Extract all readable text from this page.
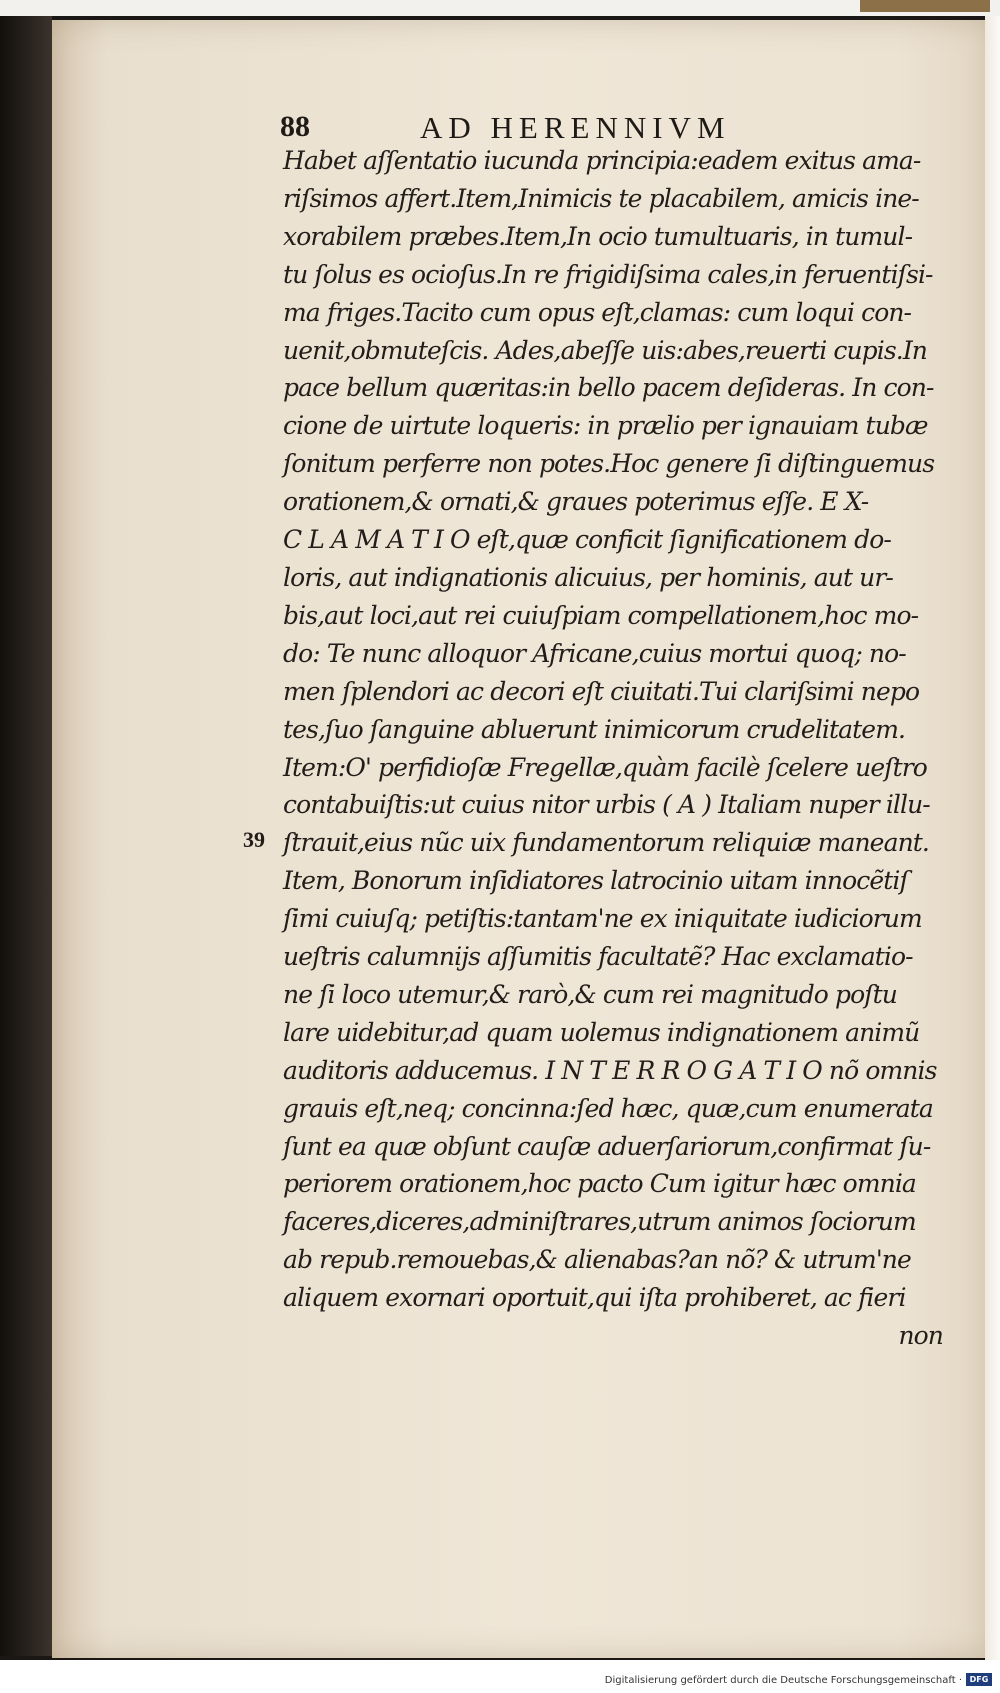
88	AD HERENNIVM
39
Habet aſſentatio iucunda principia:eadem exitus ama-
riſsimos affert.Item,Inimicis te placabilem, amicis ine-
xorabilem præbes.Item,In ocio tumultuaris, in tumul-
tu ſolus es ocioſus.In re frigidiſsima cales,in feruentiſsi-
ma friges.Tacito cum opus eſt,clamas: cum loqui con-
uenit,obmuteſcis. Ades,abeſſe uis:abes,reuerti cupis.In
pace bellum quæritas:in bello pacem deſideras. In con-
cione de uirtute loqueris: in prælio per ignauiam tubæ
ſonitum perferre non potes.Hoc genere ſi diſtinguemus
orationem,& ornati,& graues poterimus eſſe. E X-
C L A M A T I O eſt,quæ conficit ſignificationem do-
loris, aut indignationis alicuius, per hominis, aut ur-
bis,aut loci,aut rei cuiuſpiam compellationem,hoc mo-
do: Te nunc alloquor Africane,cuius mortui quoq; no-
men ſplendori ac decori eſt ciuitati.Tui clariſsimi nepo
tes,ſuo ſanguine abluerunt inimicorum crudelitatem.
Item:O' perfidioſæ Fregellæ,quàm facilè ſcelere ueſtro
contabuiſtis:ut cuius nitor urbis ( A ) Italiam nuper illu-
ſtrauit,eius nũc uix fundamentorum reliquiæ maneant.
Item, Bonorum inſidiatores latrocinio uitam innocẽtiſ
ſimi cuiuſq; petiſtis:tantam'ne ex iniquitate iudiciorum
ueſtris calumnijs aſſumitis facultatẽ? Hac exclamatio-
ne ſi loco utemur,& rarò,& cum rei magnitudo poſtu
lare uidebitur,ad quam uolemus indignationem animũ
auditoris adducemus. I N T E R R O G A T I O nõ omnis
grauis eſt,neq; concinna:ſed hæc, quæ,cum enumerata
ſunt ea quæ obſunt cauſæ aduerſariorum,confirmat ſu-
periorem orationem,hoc pacto Cum igitur hæc omnia
faceres,diceres,adminiſtrares,utrum animos ſociorum
ab repub.remouebas,& alienabas?an nõ? & utrum'ne
aliquem exornari oportuit,qui iſta prohiberet, ac fieri
non
Digitalisierung gefördert durch die Deutsche Forschungsgemeinschaft · DFG
